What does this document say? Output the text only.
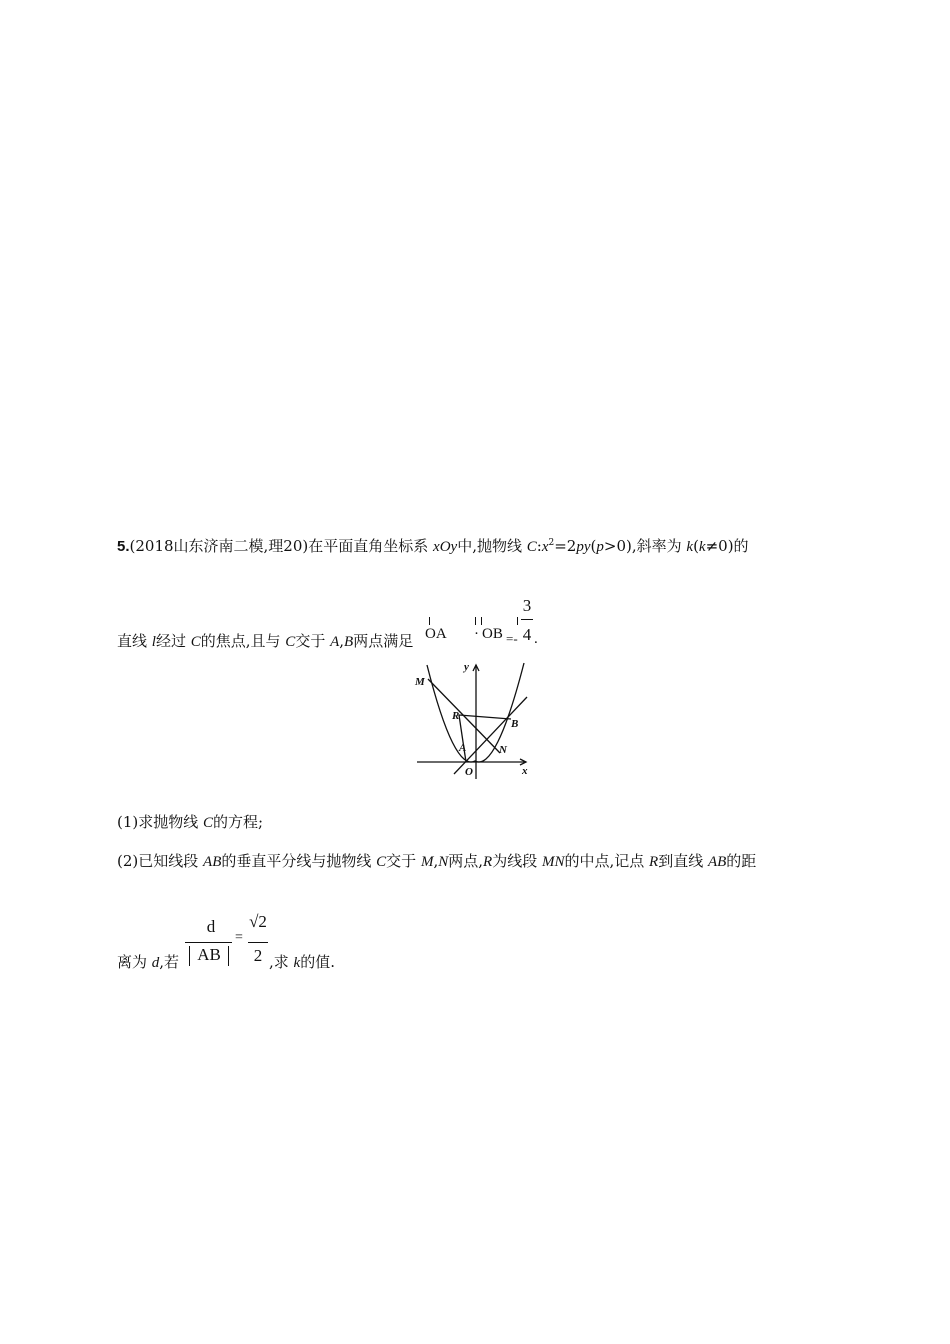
5.(2018山东济南二模,理20)在平面直角坐标系 xOy中,抛物线 $C:x^2=2py(p>0)$,斜率为 k(k≠0)的
直线 l经过 C的焦点,且与 C交于 A,B两点满足 OA · OB =-
3
4 .
M
R
B
A	N
O	x
y
(1)求抛物线 C的方程;
(2)已知线段 AB的垂直平分线与抛物线 C交于 M,N两点,R为线段 MN的中点,记点 R到直线 AB的距
离为 d,若
d
AB
=
√2
2 ,求 k的值.
